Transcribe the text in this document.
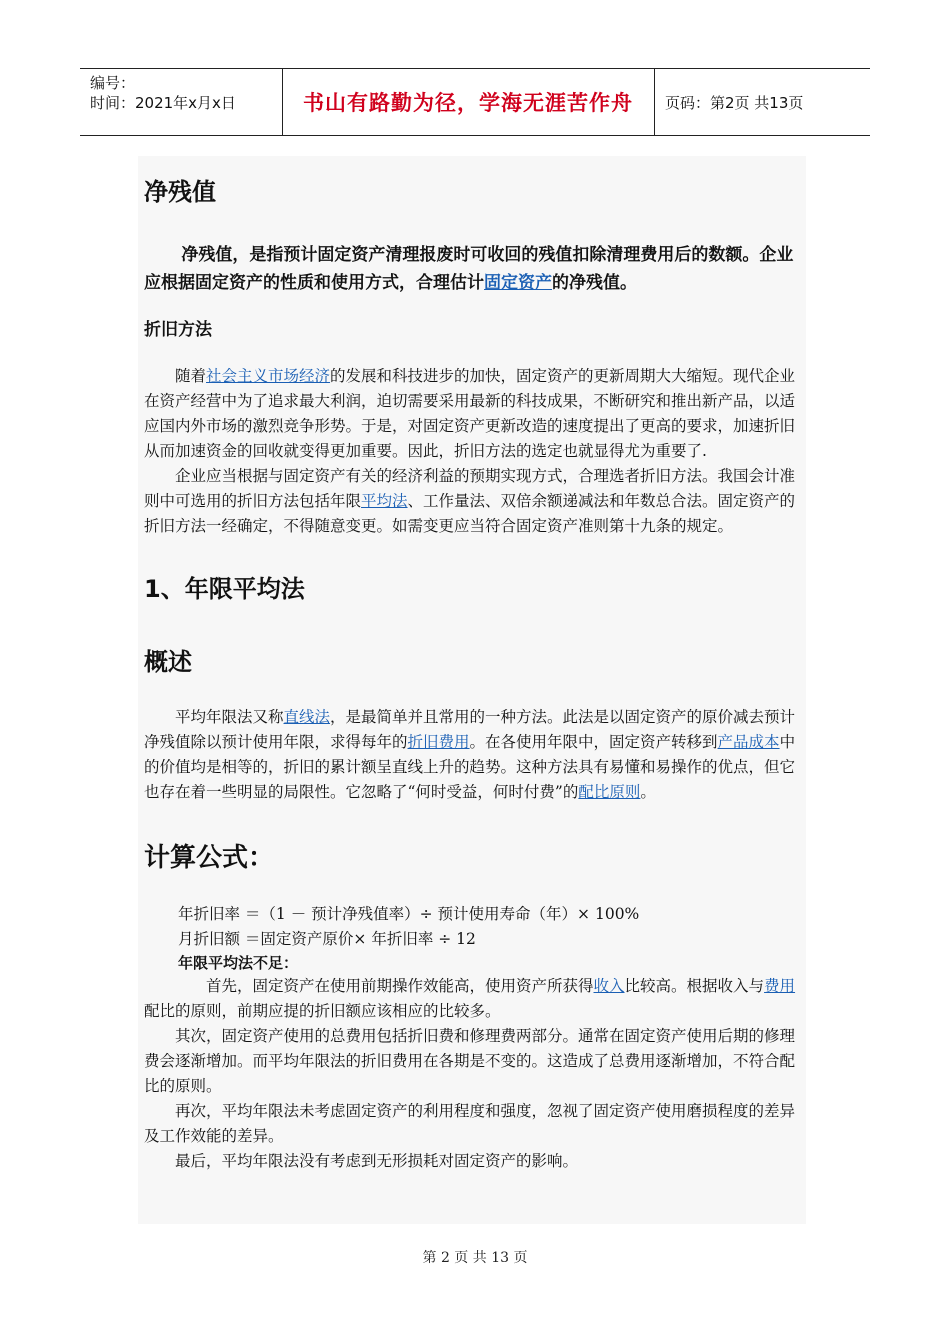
编号：
时间：2021年x月x日	书山有路勤为径，学海无涯苦作舟	页码：第2页 共13页
净残值

净残值，是指预计固定资产清理报废时可收回的残值扣除清理费用后的数额。企业应根据固定资产的性质和使用方式，合理估计固定资产的净残值。

折旧方法

随着社会主义市场经济的发展和科技进步的加快，固定资产的更新周期大大缩短。现代企业在资产经营中为了追求最大利润，迫切需要采用最新的科技成果，不断研究和推出新产品，以适应国内外市场的激烈竞争形势。于是，对固定资产更新改造的速度提出了更高的要求，加速折旧从而加速资金的回收就变得更加重要。因此，折旧方法的选定也就显得尤为重要了.

企业应当根据与固定资产有关的经济利益的预期实现方式，合理选者折旧方法。我国会计准则中可选用的折旧方法包括年限平均法、工作量法、双倍余额递减法和年数总合法。固定资产的折旧方法一经确定，不得随意变更。如需变更应当符合固定资产准则第十九条的规定。

1、年限平均法
概述

平均年限法又称直线法，是最简单并且常用的一种方法。此法是以固定资产的原价减去预计净残值除以预计使用年限，求得每年的折旧费用。在各使用年限中，固定资产转移到产品成本中的价值均是相等的，折旧的累计额呈直线上升的趋势。这种方法具有易懂和易操作的优点，但它也存在着一些明显的局限性。它忽略了“何时受益，何时付费”的配比原则。

计算公式：
年折旧率 ＝（1 － 预计净残值率）÷ 预计使用寿命（年）× 100%
月折旧额 ＝固定资产原价× 年折旧率 ÷ 12
年限平均法不足：

首先，固定资产在使用前期操作效能高，使用资产所获得收入比较高。根据收入与费用配比的原则，前期应提的折旧额应该相应的比较多。

其次，固定资产使用的总费用包括折旧费和修理费两部分。通常在固定资产使用后期的修理费会逐渐增加。而平均年限法的折旧费用在各期是不变的。这造成了总费用逐渐增加，不符合配比的原则。

再次，平均年限法未考虑固定资产的利用程度和强度，忽视了固定资产使用磨损程度的差异及工作效能的差异。

最后，平均年限法没有考虑到无形损耗对固定资产的影响。

第 2 页 共 13 页
